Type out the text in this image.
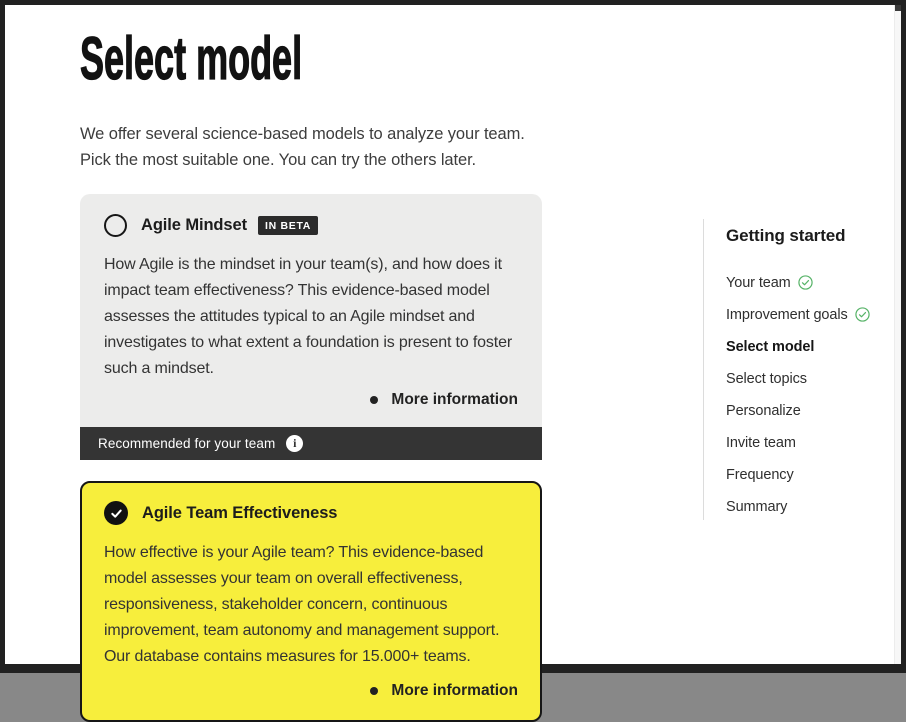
Select model

We offer several science-based models to analyze your team. Pick the most suitable one. You can try the others later.

Agile Mindset	IN BETA

How Agile is the mindset in your team(s), and how does it impact team effectiveness? This evidence-based model assesses the attitudes typical to an Agile mindset and investigates to what extent a foundation is present to foster such a mindset.

More information
Recommended for your team	i
Agile Team Effectiveness

How effective is your Agile team? This evidence-based model assesses your team on overall effectiveness, responsiveness, stakeholder concern, continuous improvement, team autonomy and management support. Our database contains measures for 15.000+ teams.

More information
Getting started
Your team
Improvement goals
Select model
Select topics
Personalize
Invite team
Frequency
Summary
